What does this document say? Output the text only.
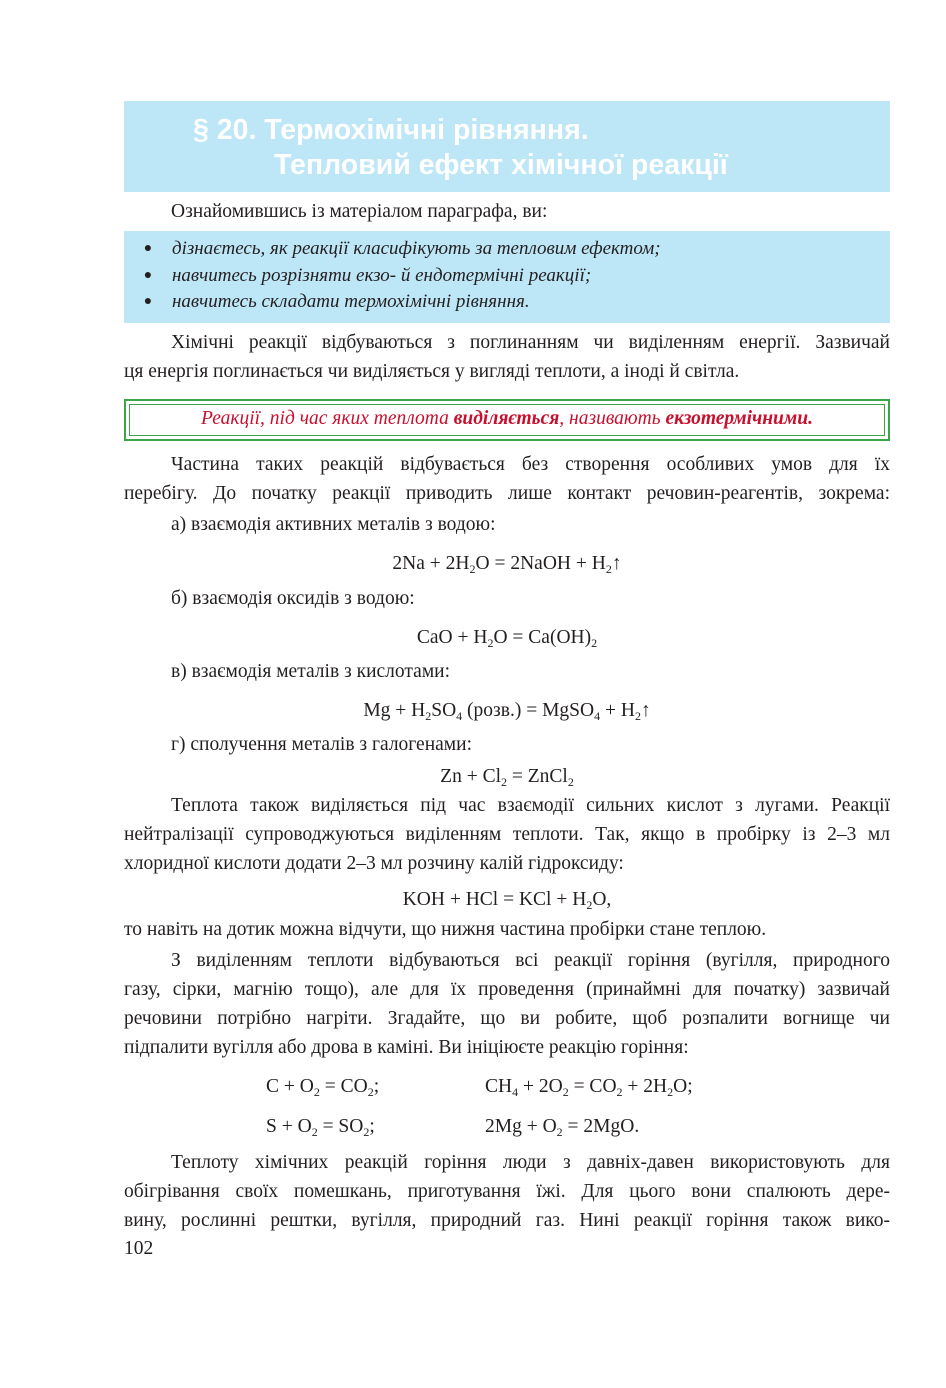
§ 20. Термохімічні рівняння.
Тепловий ефект хімічної реакції
Ознайомившись із матеріалом параграфа, ви:
●	дізнаєтесь, як реакції класифікують за тепловим ефектом;
●	навчитесь розрізняти екзо- й ендотермічні реакції;
●	навчитесь складати термохімічні рівняння.
Хімічні реакції відбуваються з поглинанням чи виділенням енергії. Зазвичай
ця енергія поглинається чи виділяється у вигляді теплоти, а іноді й світла.
Реакції, під час яких теплота виділяється, називають екзотермічними.
Частина таких реакцій відбувається без створення особливих умов для їх
перебігу. До початку реакції приводить лише контакт речовин-реагентів, зокрема:
а) взаємодія активних металів з водою:
$2Na + 2H_2O$ = 2NaOH + $H_2↑$
б) взаємодія оксидів з водою:
CaO + $H_2O = Ca(OH)_2$
в) взаємодія металів з кислотами:
$Mg + H_2SO_4$ (розв.) = MgSO$_4$ + $H_2↑$
г) сполучення металів з галогенами:
$Zn + Cl_2$ = ZnCl$_2$
Теплота також виділяється під час взаємодії сильних кислот з лугами. Реакції
нейтралізації супроводжуються виділенням теплоти. Так, якщо в пробірку із 2–3 мл
хлоридної кислоти додати 2–3 мл розчину калій гідроксиду:
KOH + HCl = KCl + $H_2O$,
то навіть на дотик можна відчути, що нижня частина пробірки стане теплою.
З виділенням теплоти відбуваються всі реакції горіння (вугілля, природного
газу, сірки, магнію тощо), але для їх проведення (принаймні для початку) зазвичай
речовини потрібно нагріти. Згадайте, що ви робите, щоб розпалити вогнище чи
підпалити вугілля або дрова в каміні. Ви ініціюєте реакцію горіння:
$C + O_2 = CO_2$;	$CH_4 + 2O_2 = CO_2 + 2H_2O$;
$S + O_2 = SO_2$;	$2Mg + O_2 = 2MgO$.
Теплоту хімічних реакцій горіння люди з давніх-давен використовують для
обігрівання своїх помешкань, приготування їжі. Для цього вони спалюють дере-
вину, рослинні рештки, вугілля, природний газ. Нині реакції горіння також вико-
102
